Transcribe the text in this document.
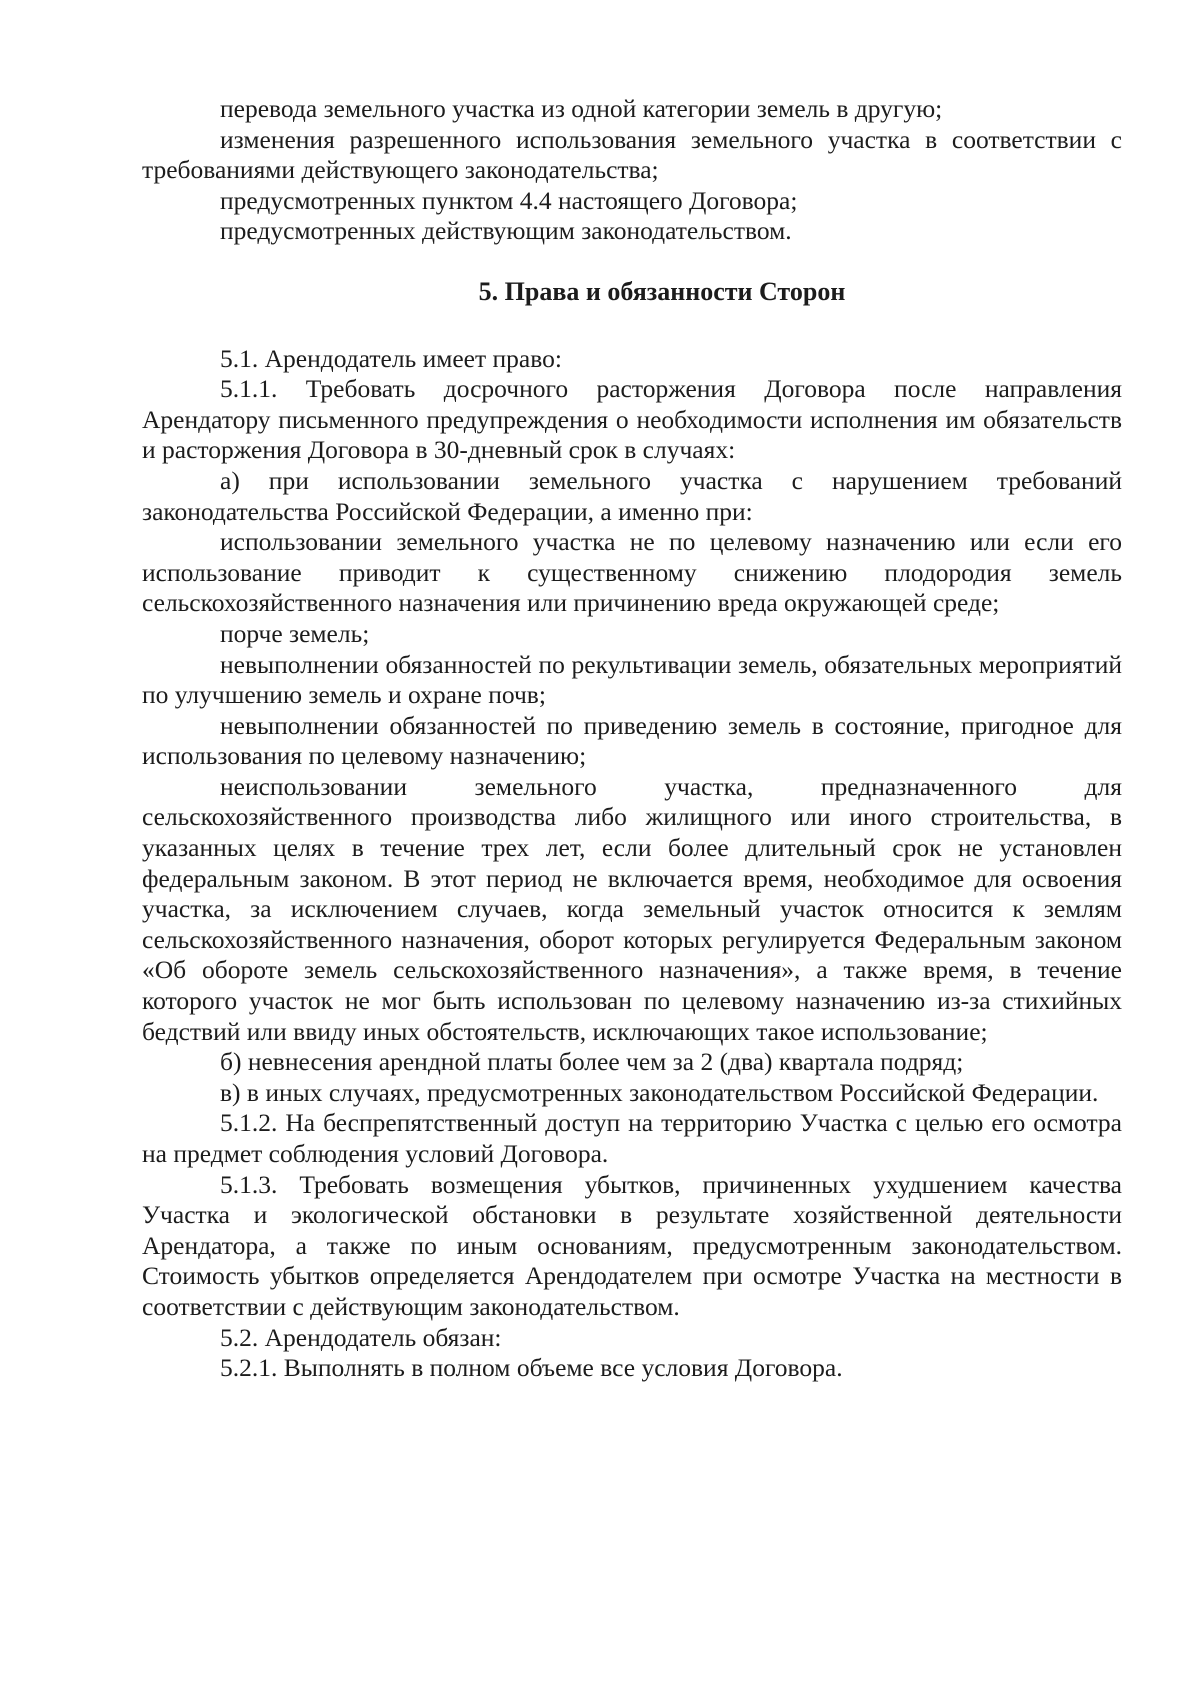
перевода земельного участка из одной категории земель в другую;

изменения разрешенного использования земельного участка в соответствии с требованиями действующего законодательства;

предусмотренных пунктом 4.4 настоящего Договора;

предусмотренных действующим законодательством.

5. Права и обязанности Сторон

5.1. Арендодатель имеет право:

5.1.1. Требовать досрочного расторжения Договора после направления Арендатору письменного предупреждения о необходимости исполнения им обязательств и расторжения Договора в 30-дневный срок в случаях:

а) при использовании земельного участка с нарушением требований законодательства Российской Федерации, а именно при:

использовании земельного участка не по целевому назначению или если его использование приводит к существенному снижению плодородия земель сельскохозяйственного назначения или причинению вреда окружающей среде;

порче земель;

невыполнении обязанностей по рекультивации земель, обязательных мероприятий по улучшению земель и охране почв;

невыполнении обязанностей по приведению земель в состояние, пригодное для использования по целевому назначению;

неиспользовании земельного участка, предназначенного для сельскохозяйственного производства либо жилищного или иного строительства, в указанных целях в течение трех лет, если более длительный срок не установлен федеральным законом. В этот период не включается время, необходимое для освоения участка, за исключением случаев, когда земельный участок относится к землям сельскохозяйственного назначения, оборот которых регулируется Федеральным законом «Об обороте земель сельскохозяйственного назначения», а также время, в течение которого участок не мог быть использован по целевому назначению из-за стихийных бедствий или ввиду иных обстоятельств, исключающих такое использование;

б) невнесения арендной платы более чем за 2 (два) квартала подряд;

в) в иных случаях, предусмотренных законодательством Российской Федерации.

5.1.2. На беспрепятственный доступ на территорию Участка с целью его осмотра на предмет соблюдения условий Договора.

5.1.3. Требовать возмещения убытков, причиненных ухудшением качества Участка и экологической обстановки в результате хозяйственной деятельности Арендатора, а также по иным основаниям, предусмотренным законодательством. Стоимость убытков определяется Арендодателем при осмотре Участка на местности в соответствии с действующим законодательством.

5.2. Арендодатель обязан:

5.2.1. Выполнять в полном объеме все условия Договора.
